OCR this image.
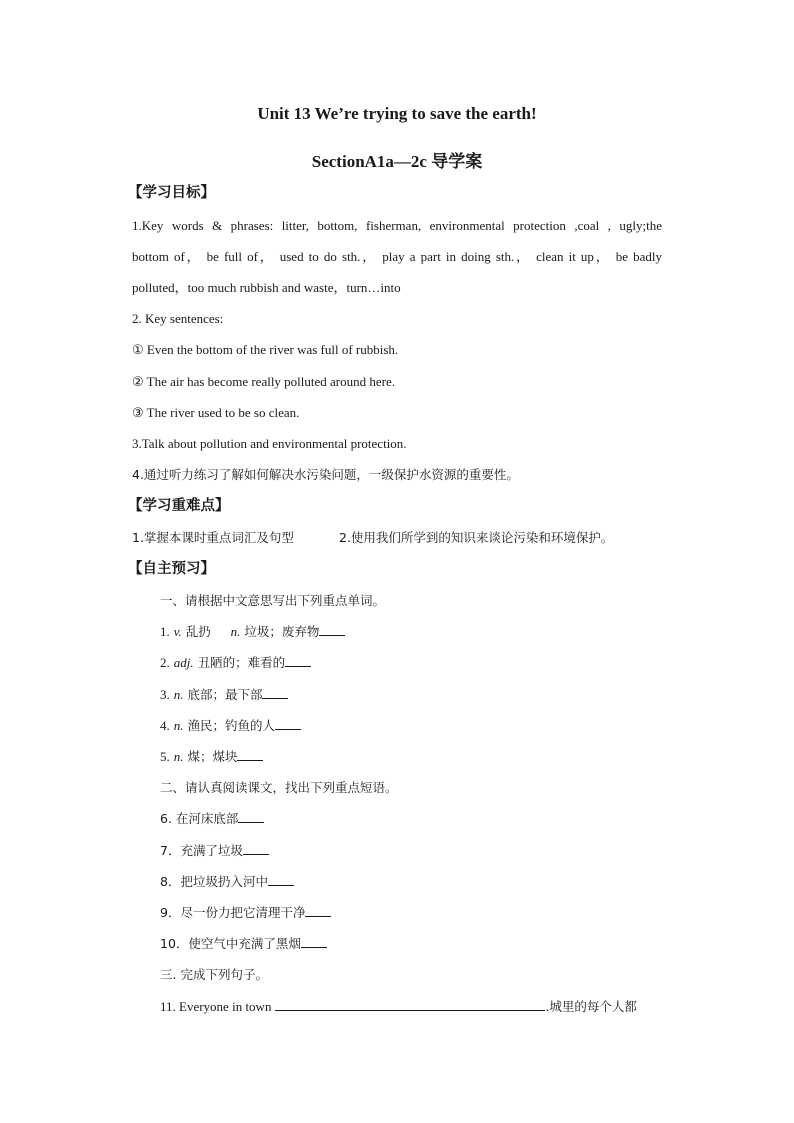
Unit 13 We’re trying to save the earth!
SectionA1a—2c 导学案
【学习目标】
1.Key words & phrases: litter, bottom, fisherman, environmental protection ,coal , ugly;the
bottom of， be full of， used to do sth.， play a part in doing sth.， clean it up， be badly
polluted，too much rubbish and waste，turn…into
2. Key sentences:
① Even the bottom of the river was full of rubbish.
② The air has become really polluted around here.
③ The river used to be so clean.
3.Talk about pollution and environmental protection.
4.通过听力练习了解如何解决水污染问题，一级保护水资源的重要性。
【学习重难点】
1.掌握本课时重点词汇及句型	2.使用我们所学到的知识来谈论污染和环境保护。
【自主预习】
一、请根据中文意思写出下列重点单词。
1. v. 乱扔 n. 垃圾；废弃物
2. adj. 丑陋的；难看的
3. n. 底部；最下部
4. n. 渔民；钓鱼的人
5. n. 煤；煤块
二、请认真阅读课文，找出下列重点短语。
6. 在河床底部
7．充满了垃圾
8．把垃圾扔入河中
9．尽一份力把它清理干净
10．使空气中充满了黑烟
三. 完成下列句子。
11. Everyone in town	.城里的每个人都
